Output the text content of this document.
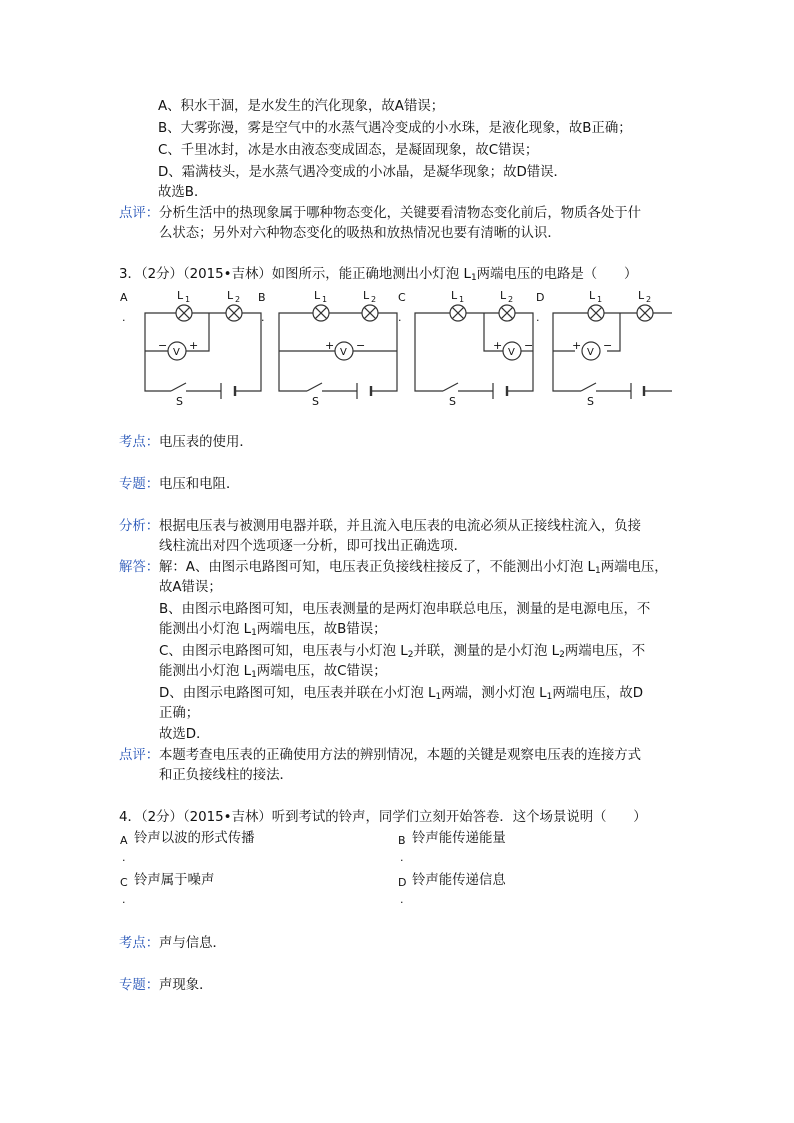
A、积水干涸，是水发生的汽化现象，故A错误；
B、大雾弥漫，雾是空气中的水蒸气遇冷变成的小水珠，是液化现象，故B正确；
C、千里冰封，冰是水由液态变成固态，是凝固现象，故C错误；
D、霜满枝头，是水蒸气遇冷变成的小冰晶，是凝华现象；故D错误．
故选B．
点评： 分析生活中的热现象属于哪种物态变化，关键要看清物态变化前后，物质各处于什
么状态；另外对六种物态变化的吸热和放热情况也要有清晰的认识．
3．（2分）（2015•吉林）如图所示，能正确地测出小灯泡 $L_1$两端电压的电路是（　　）
A
.
B
.
C
.
D
.
L 1	L 2	L 1	L 2	L 1	L 2	L 1	L 2
S	S	S	S
V	V	V	V
− +	+ −	+ −	+ −
考点： 电压表的使用．
专题： 电压和电阻．
分析： 根据电压表与被测用电器并联，并且流入电压表的电流必须从正接线柱流入，负接
线柱流出对四个选项逐一分析，即可找出正确选项．
解答： 解：A、由图示电路图可知，电压表正负接线柱接反了，不能测出小灯泡 $L_1$两端电压，
故A错误；
B、由图示电路图可知，电压表测量的是两灯泡串联总电压，测量的是电源电压，不
能测出小灯泡 $L_1$两端电压，故B错误；
C、由图示电路图可知，电压表与小灯泡 $L_2$并联，测量的是小灯泡 $L_2$两端电压，不
能测出小灯泡 $L_1$两端电压，故C错误；
D、由图示电路图可知，电压表并联在小灯泡 $L_1$两端，测小灯泡 $L_1$两端电压，故D
正确；
故选D．
点评： 本题考查电压表的正确使用方法的辨别情况，本题的关键是观察电压表的连接方式
和正负接线柱的接法．
4．（2分）（2015•吉林）听到考试的铃声，同学们立刻开始答卷．这个场景说明（　　）
A 铃声以波的形式传播
.
B 铃声能传递能量
.
C 铃声属于噪声
.
D 铃声能传递信息
.
考点： 声与信息．
专题： 声现象．
